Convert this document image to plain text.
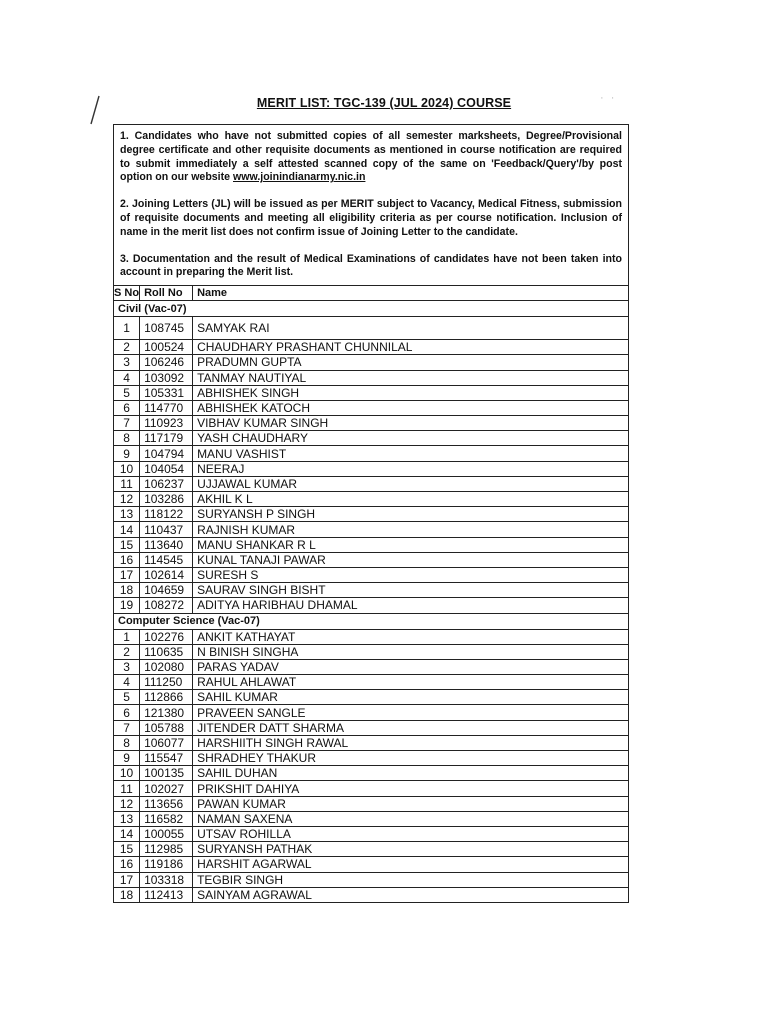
· ·
MERIT LIST: TGC-139 (JUL 2024) COURSE

1. Candidates who have not submitted copies of all semester marksheets, Degree/Provisional degree certificate and other requisite documents as mentioned in course notification are required to submit immediately a self attested scanned copy of the same on 'Feedback/Query'/by post option on our website www.joinindianarmy.nic.in

2. Joining Letters (JL) will be issued as per MERIT subject to Vacancy, Medical Fitness, submission of requisite documents and meeting all eligibility criteria as per course notification. Inclusion of name in the merit list does not confirm issue of Joining Letter to the candidate.

3. Documentation and the result of Medical Examinations of candidates have not been taken into account in preparing the Merit list.

S No	Roll No	Name
Civil (Vac-07)		
1	108745	SAMYAK RAI
2	100524	CHAUDHARY PRASHANT CHUNNILAL
3	106246	PRADUMN GUPTA
4	103092	TANMAY NAUTIYAL
5	105331	ABHISHEK SINGH
6	114770	ABHISHEK KATOCH
7	110923	VIBHAV KUMAR SINGH
8	117179	YASH CHAUDHARY
9	104794	MANU VASHIST
10	104054	NEERAJ
11	106237	UJJAWAL KUMAR
12	103286	AKHIL K L
13	118122	SURYANSH P SINGH
14	110437	RAJNISH KUMAR
15	113640	MANU SHANKAR R L
16	114545	KUNAL TANAJI PAWAR
17	102614	SURESH S
18	104659	SAURAV SINGH BISHT
19	108272	ADITYA HARIBHAU DHAMAL
Computer Science (Vac-07)		
1	102276	ANKIT KATHAYAT
2	110635	N BINISH SINGHA
3	102080	PARAS YADAV
4	111250	RAHUL AHLAWAT
5	112866	SAHIL KUMAR
6	121380	PRAVEEN SANGLE
7	105788	JITENDER DATT SHARMA
8	106077	HARSHIITH SINGH RAWAL
9	115547	SHRADHEY THAKUR
10	100135	SAHIL DUHAN
11	102027	PRIKSHIT DAHIYA
12	113656	PAWAN KUMAR
13	116582	NAMAN SAXENA
14	100055	UTSAV ROHILLA
15	112985	SURYANSH PATHAK
16	119186	HARSHIT AGARWAL
17	103318	TEGBIR SINGH
18	112413	SAINYAM AGRAWAL
